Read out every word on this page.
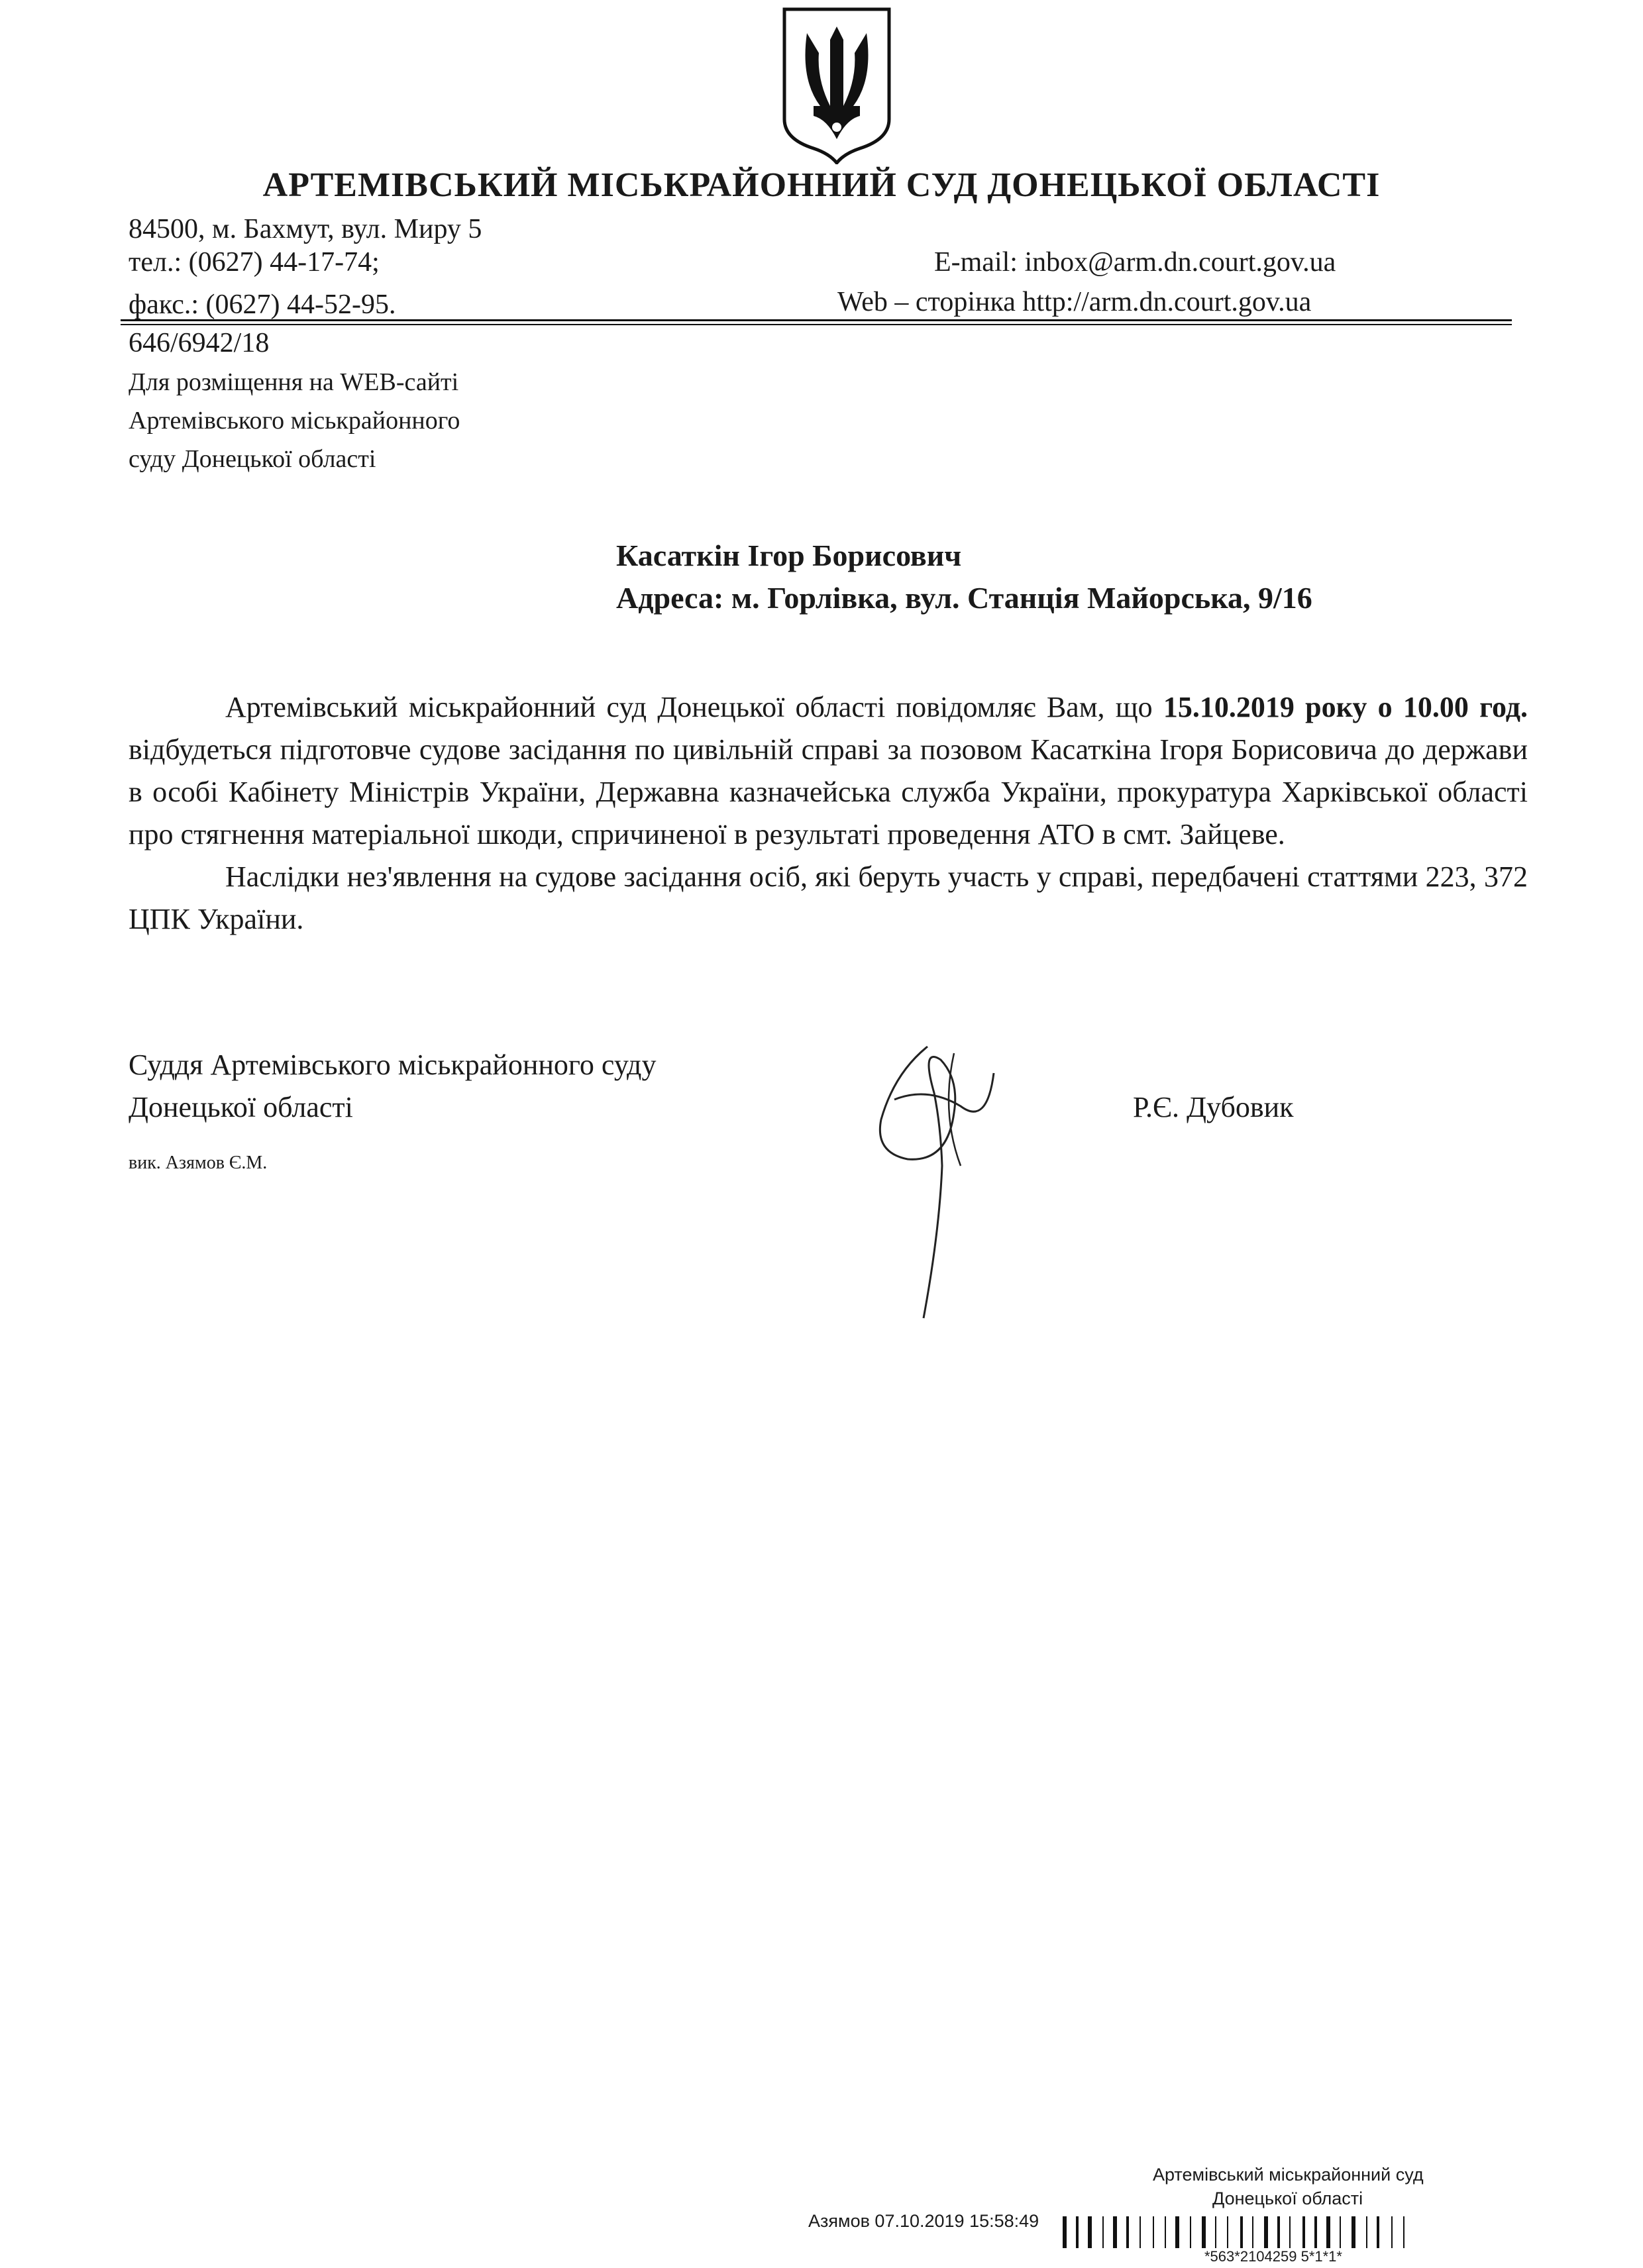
АРТЕМІВСЬКИЙ МІСЬКРАЙОННИЙ СУД ДОНЕЦЬКОЇ ОБЛАСТІ
84500, м. Бахмут, вул. Миру 5
тел.: (0627) 44-17-74;
факс.: (0627) 44-52-95.
E-mail: inbox@arm.dn.court.gov.ua
Web – сторінка http://arm.dn.court.gov.ua
646/6942/18
Для розміщення на WEB-сайті
Артемівського міськрайонного
суду Донецької області
Касаткін Ігор Борисович
Адреса: м. Горлівка, вул. Станція Майорська, 9/16

Артемівський міськрайонний суд Донецької області повідомляє Вам, що 15.10.2019 року о 10.00 год. відбудеться підготовче судове засідання по цивільній справі за позовом Касаткіна Ігоря Борисовича до держави в особі Кабінету Міністрів України, Державна казначейська служба України, прокуратура Харківської області про стягнення матеріальної шкоди, спричиненої в результаті проведення АТО в смт. Зайцеве.

Наслідки нез'явлення на судове засідання осіб, які беруть участь у справі, передбачені статтями 223, 372 ЦПК України.

Суддя Артемівського міськрайонного суду
Донецької області	Р.Є. Дубовик
вик. Азямов Є.М.
Артемівський міськрайонний суд
Донецької області
Азямов 07.10.2019 15:58:49
*563*2104259 5*1*1*
